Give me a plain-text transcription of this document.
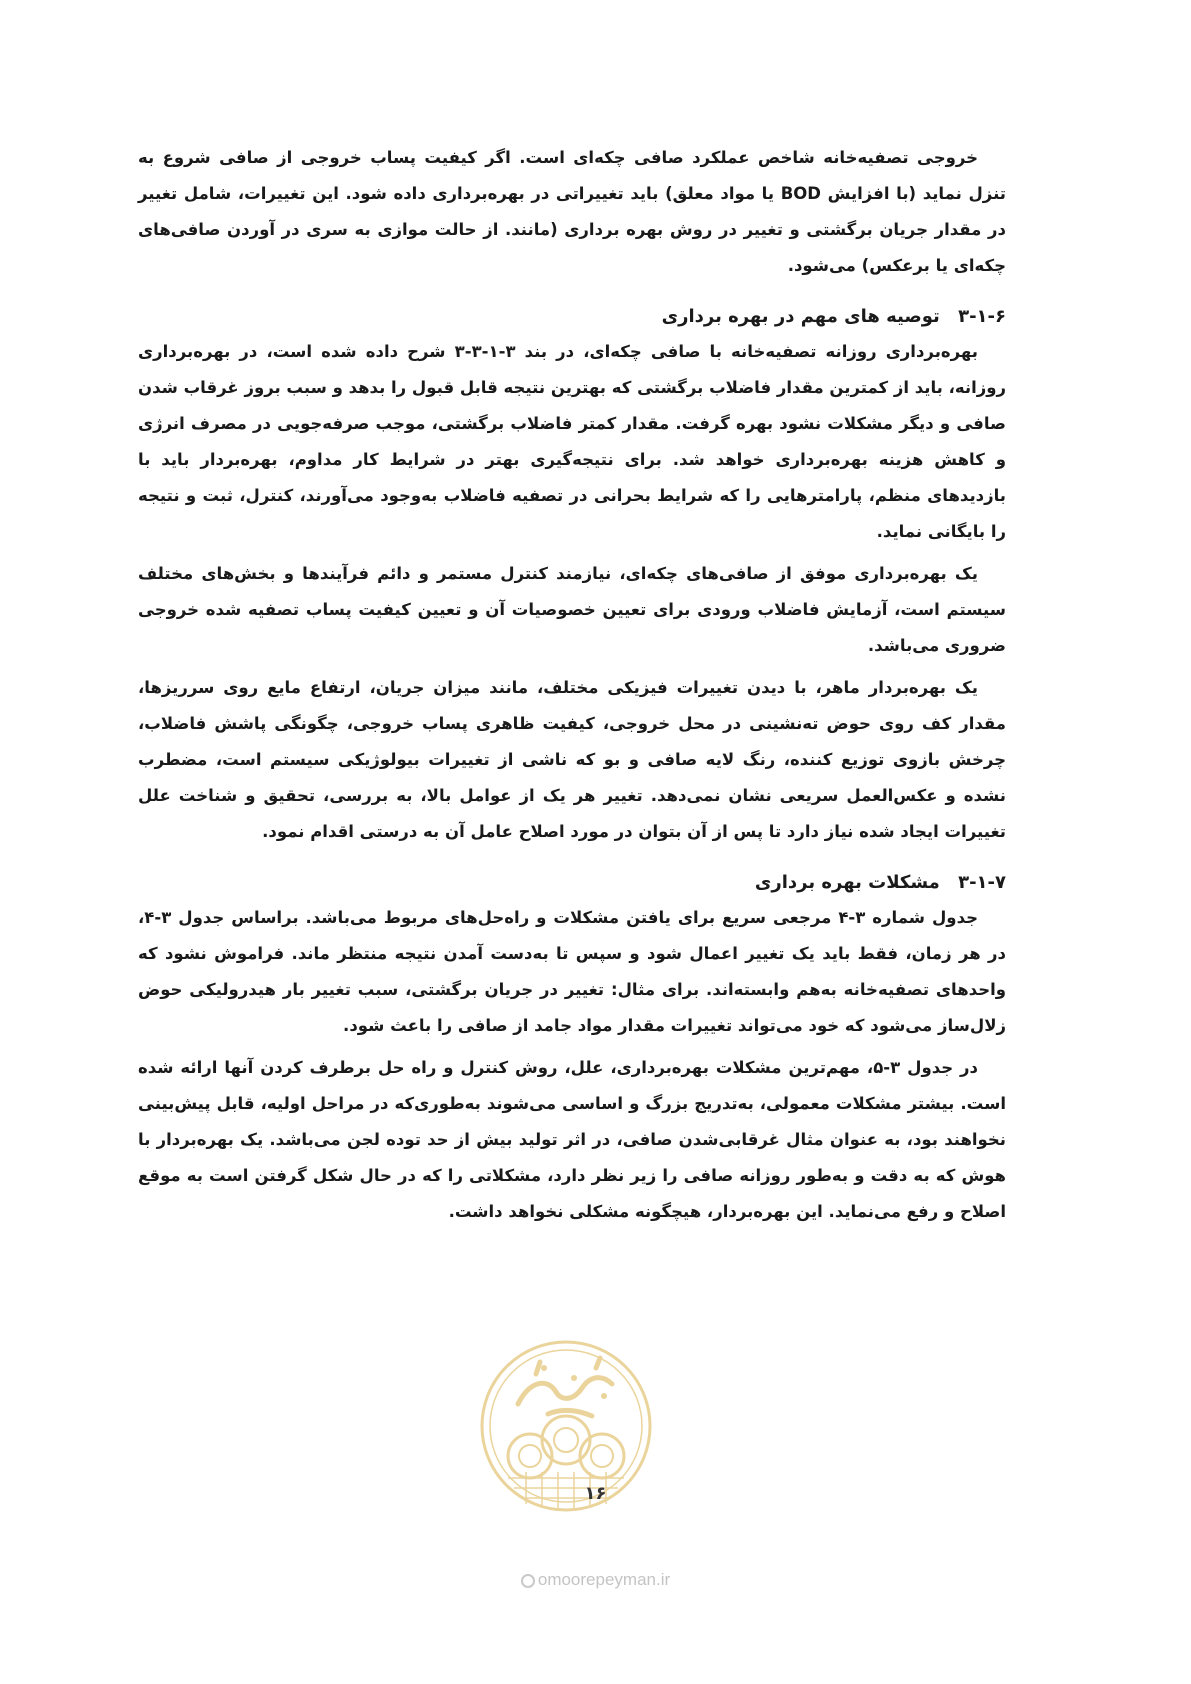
خروجی تصفیه‌خانه شاخص عملکرد صافی چکه‌ای است. اگر کیفیت پساب خروجی از صافی شروع به تنزل نماید (با افزایش BOD یا مواد معلق) باید تغییراتی در بهره‌برداری داده شود. این تغییرات، شامل تغییر در مقدار جریان برگشتی و تغییر در روش بهره برداری (مانند. از حالت موازی به سری در آوردن صافی‌های چکه‌ای یا برعکس) می‌شود.

۳-۱-۶ توصیه های مهم در بهره برداری

بهره‌برداری روزانه تصفیه‌خانه با صافی چکه‌ای، در بند ۳-۱-۳-۳ شرح داده شده است، در بهره‌برداری روزانه، باید از کمترین مقدار فاضلاب برگشتی که بهترین نتیجه قابل قبول را بدهد و سبب بروز غرقاب شدن صافی و دیگر مشکلات نشود بهره گرفت. مقدار کمتر فاضلاب برگشتی، موجب صرفه‌جویی در مصرف انرژی و کاهش هزینه بهره‌برداری خواهد شد. برای نتیجه‌گیری بهتر در شرایط کار مداوم، بهره‌بردار باید با بازدیدهای منظم، پارامترهایی را که شرایط بحرانی در تصفیه فاضلاب به‌وجود می‌آورند، کنترل، ثبت و نتیجه را بایگانی نماید.

یک بهره‌برداری موفق از صافی‌های چکه‌ای، نیازمند کنترل مستمر و دائم فرآیندها و بخش‌های مختلف سیستم است، آزمایش فاضلاب ورودی برای تعیین خصوصیات آن و تعیین کیفیت پساب تصفیه شده خروجی ضروری می‌باشد.

یک بهره‌بردار ماهر، با دیدن تغییرات فیزیکی مختلف، مانند میزان جریان، ارتفاع مایع روی سرریزها، مقدار کف روی حوض ته‌نشینی در محل خروجی، کیفیت ظاهری پساب خروجی، چگونگی پاشش فاضلاب، چرخش بازوی توزیع کننده، رنگ لایه صافی و بو که ناشی از تغییرات بیولوژیکی سیستم است، مضطرب نشده و عکس‌العمل سریعی نشان نمی‌دهد. تغییر هر یک از عوامل بالا، به بررسی، تحقیق و شناخت علل تغییرات ایجاد شده نیاز دارد تا پس از آن بتوان در مورد اصلاح عامل آن به درستی اقدام نمود.

۳-۱-۷ مشکلات بهره برداری

جدول شماره ۳-۴ مرجعی سریع برای یافتن مشکلات و راه‌حل‌های مربوط می‌باشد. براساس جدول ۳-۴، در هر زمان، فقط باید یک تغییر اعمال شود و سپس تا به‌دست آمدن نتیجه منتظر ماند. فراموش نشود که واحدهای تصفیه‌خانه به‌هم وابسته‌اند. برای مثال: تغییر در جریان برگشتی، سبب تغییر بار هیدرولیکی حوض زلال‌ساز می‌شود که خود می‌تواند تغییرات مقدار مواد جامد از صافی را باعث شود.

در جدول ۳-۵، مهم‌ترین مشکلات بهره‌برداری، علل، روش کنترل و راه حل برطرف کردن آنها ارائه شده است. بیشتر مشکلات معمولی، به‌تدریج بزرگ و اساسی می‌شوند به‌طوری‌که در مراحل اولیه، قابل پیش‌بینی نخواهند بود، به عنوان مثال غرقابی‌شدن صافی، در اثر تولید بیش از حد توده لجن می‌باشد. یک بهره‌بردار با هوش که به دقت و به‌طور روزانه صافی را زیر نظر دارد، مشکلاتی را که در حال شکل گرفتن است به موقع اصلاح و رفع می‌نماید. این بهره‌بردار، هیچگونه مشکلی نخواهد داشت.

۱۶
omoorepeyman.ir
